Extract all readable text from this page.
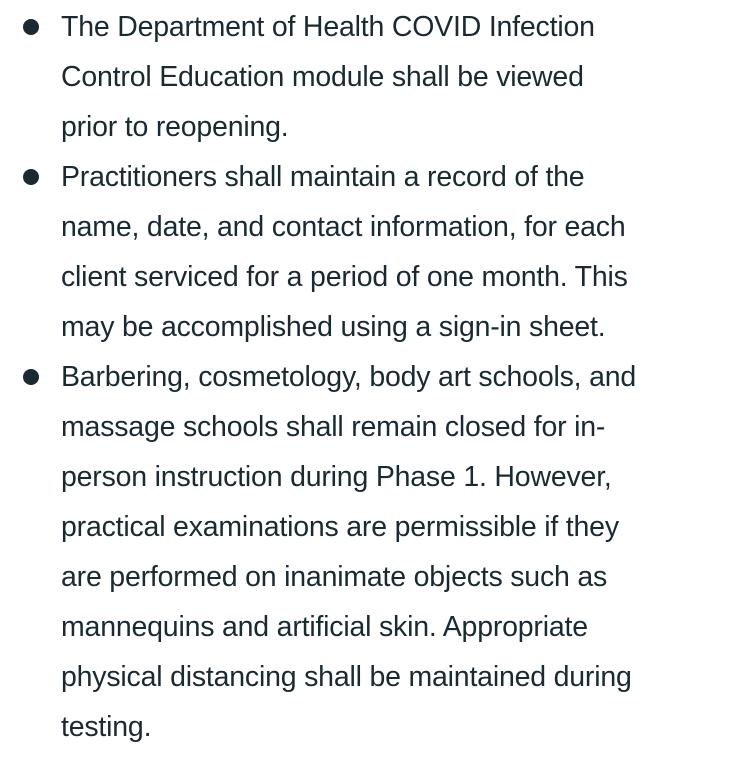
The Department of Health COVID Infection
Control Education module shall be viewed
prior to reopening.
Practitioners shall maintain a record of the
name, date, and contact information, for each
client serviced for a period of one month. This
may be accomplished using a sign-in sheet.
Barbering, cosmetology, body art schools, and
massage schools shall remain closed for in-
person instruction during Phase 1. However,
practical examinations are permissible if they
are performed on inanimate objects such as
mannequins and artificial skin. Appropriate
physical distancing shall be maintained during
testing.
